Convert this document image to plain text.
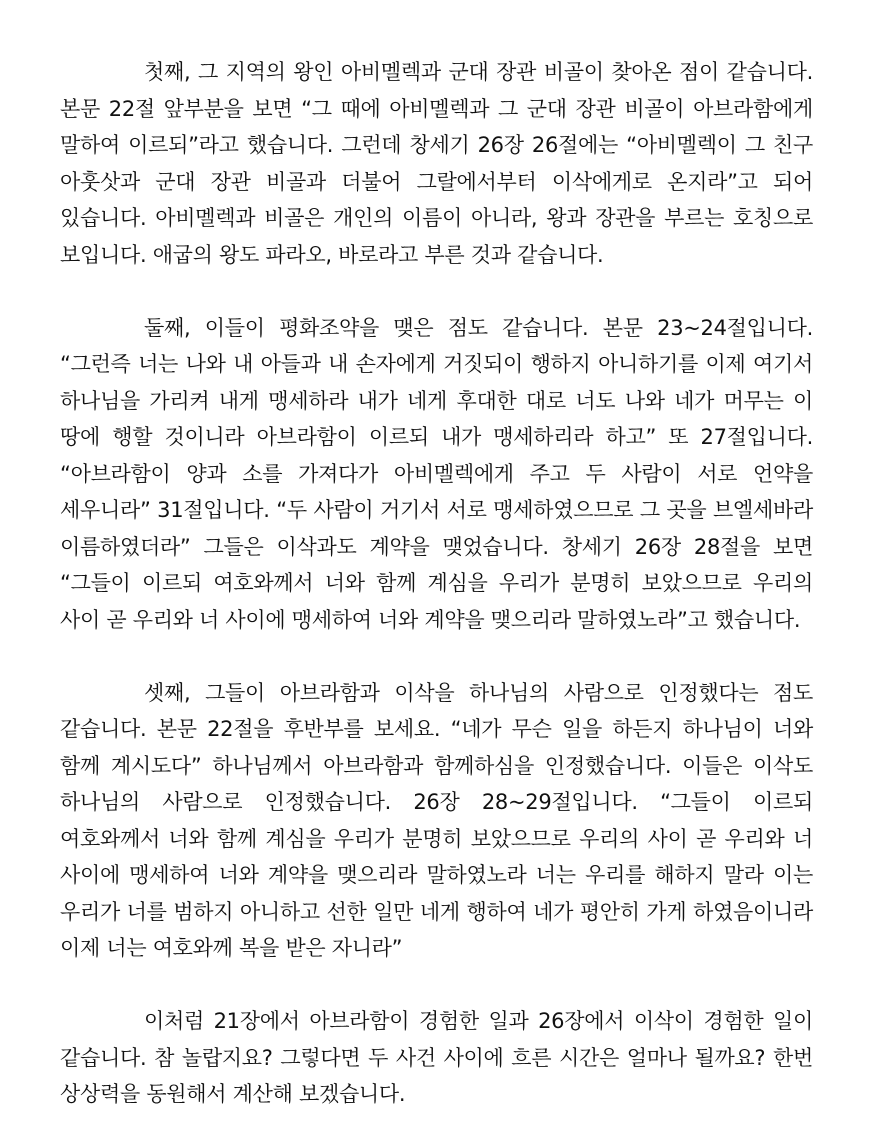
첫째, 그 지역의 왕인 아비멜렉과 군대 장관 비골이 찾아온 점이 같습니다. 본문 22절 앞부분을 보면 “그 때에 아비멜렉과 그 군대 장관 비골이 아브라함에게 말하여 이르되”라고 했습니다. 그런데 창세기 26장 26절에는 “아비멜렉이 그 친구 아훗삿과 군대 장관 비골과 더불어 그랄에서부터 이삭에게로 온지라”고 되어 있습니다. 아비멜렉과 비골은 개인의 이름이 아니라, 왕과 장관을 부르는 호칭으로 보입니다. 애굽의 왕도 파라오, 바로라고 부른 것과 같습니다.

둘째, 이들이 평화조약을 맺은 점도 같습니다. 본문 23~24절입니다. “그런즉 너는 나와 내 아들과 내 손자에게 거짓되이 행하지 아니하기를 이제 여기서 하나님을 가리켜 내게 맹세하라 내가 네게 후대한 대로 너도 나와 네가 머무는 이 땅에 행할 것이니라 아브라함이 이르되 내가 맹세하리라 하고” 또 27절입니다. “아브라함이 양과 소를 가져다가 아비멜렉에게 주고 두 사람이 서로 언약을 세우니라” 31절입니다. “두 사람이 거기서 서로 맹세하였으므로 그 곳을 브엘세바라 이름하였더라” 그들은 이삭과도 계약을 맺었습니다. 창세기 26장 28절을 보면 “그들이 이르되 여호와께서 너와 함께 계심을 우리가 분명히 보았으므로 우리의 사이 곧 우리와 너 사이에 맹세하여 너와 계약을 맺으리라 말하였노라”고 했습니다.

셋째, 그들이 아브라함과 이삭을 하나님의 사람으로 인정했다는 점도 같습니다. 본문 22절을 후반부를 보세요. “네가 무슨 일을 하든지 하나님이 너와 함께 계시도다” 하나님께서 아브라함과 함께하심을 인정했습니다. 이들은 이삭도 하나님의 사람으로 인정했습니다. 26장 28~29절입니다. “그들이 이르되 여호와께서 너와 함께 계심을 우리가 분명히 보았으므로 우리의 사이 곧 우리와 너 사이에 맹세하여 너와 계약을 맺으리라 말하였노라 너는 우리를 해하지 말라 이는 우리가 너를 범하지 아니하고 선한 일만 네게 행하여 네가 평안히 가게 하였음이니라 이제 너는 여호와께 복을 받은 자니라”

이처럼 21장에서 아브라함이 경험한 일과 26장에서 이삭이 경험한 일이 같습니다. 참 놀랍지요? 그렇다면 두 사건 사이에 흐른 시간은 얼마나 될까요? 한번 상상력을 동원해서 계산해 보겠습니다.
